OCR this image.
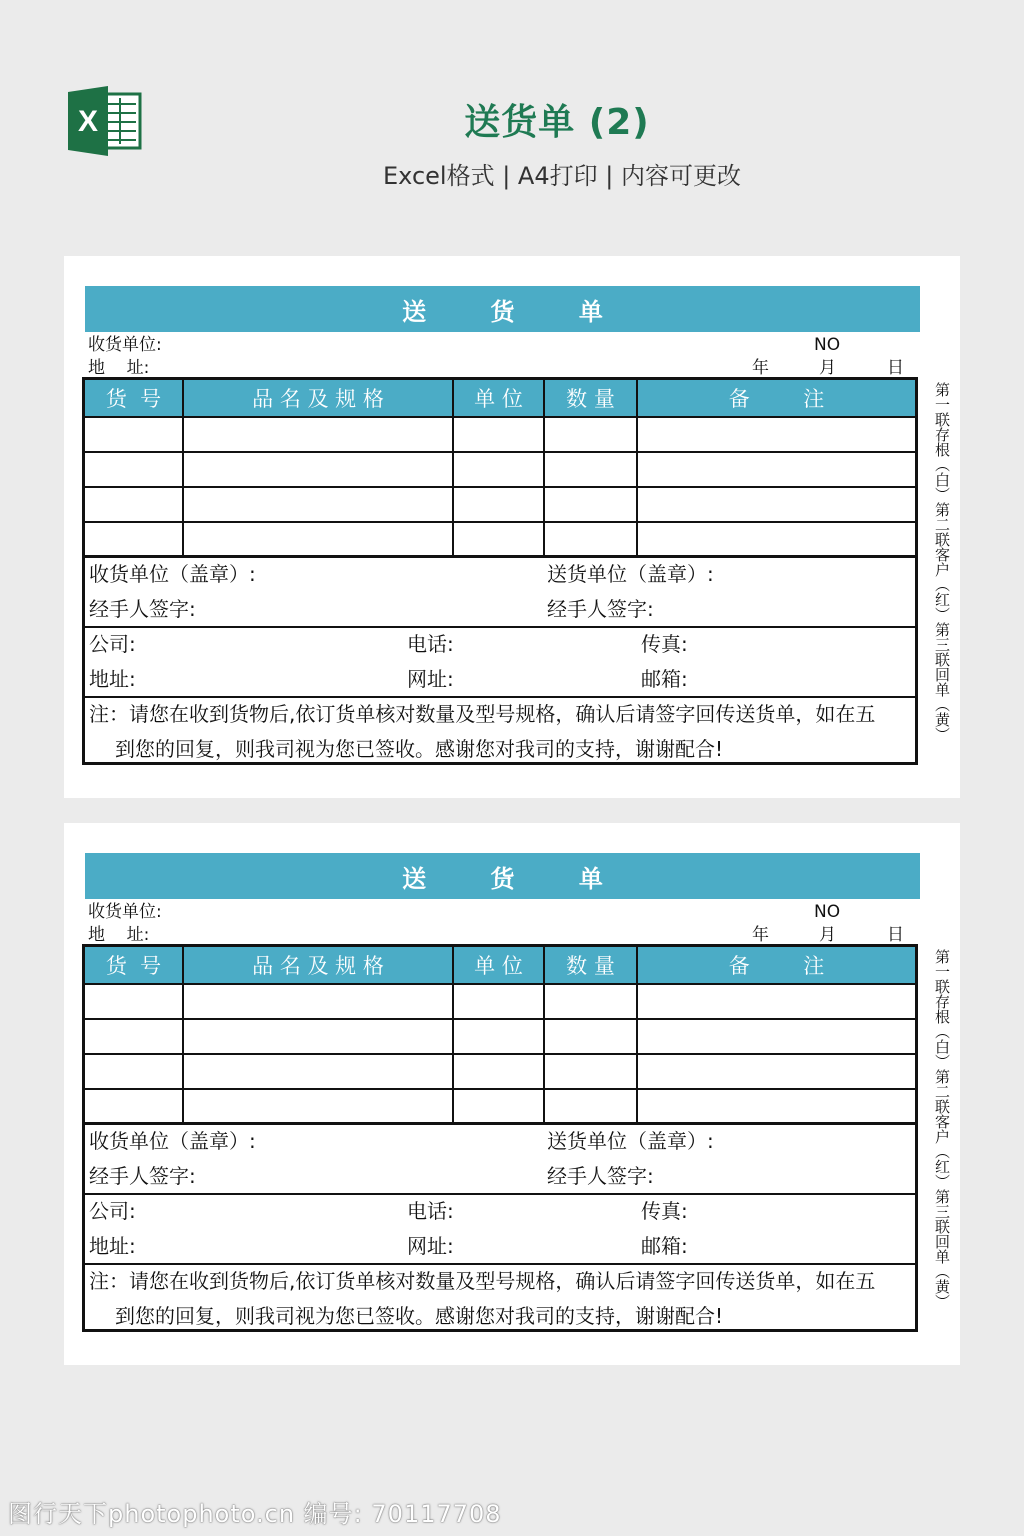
X	送货单 (2)
Excel格式 | A4打印 | 内容可更改
送 货 单
收货单位:
地    址:
NO
年	月	日
货  号	品 名 及 规 格	单 位	数 量	备        注
收货单位（盖章）:	送货单位（盖章）:
经手人签字:	经手人签字:
公司:	电话:	传真:
地址:	网址:	邮箱:
注：请您在收到货物后,依订货单核对数量及型号规格，确认后请签字回传送货单，如在五
到您的回复，则我司视为您已签收。感谢您对我司的支持，谢谢配合!
第一联存根（白）第二联客户（红）第三联回单（黄）
送 货 单
收货单位:
地    址:
NO
年	月	日
货  号	品 名 及 规 格	单 位	数 量	备        注
收货单位（盖章）:	送货单位（盖章）:
经手人签字:	经手人签字:
公司:	电话:	传真:
地址:	网址:	邮箱:
注：请您在收到货物后,依订货单核对数量及型号规格，确认后请签字回传送货单，如在五
到您的回复，则我司视为您已签收。感谢您对我司的支持，谢谢配合!
第一联存根（白）第二联客户（红）第三联回单（黄）
图行天下photophoto.cn 编号: 70117708
